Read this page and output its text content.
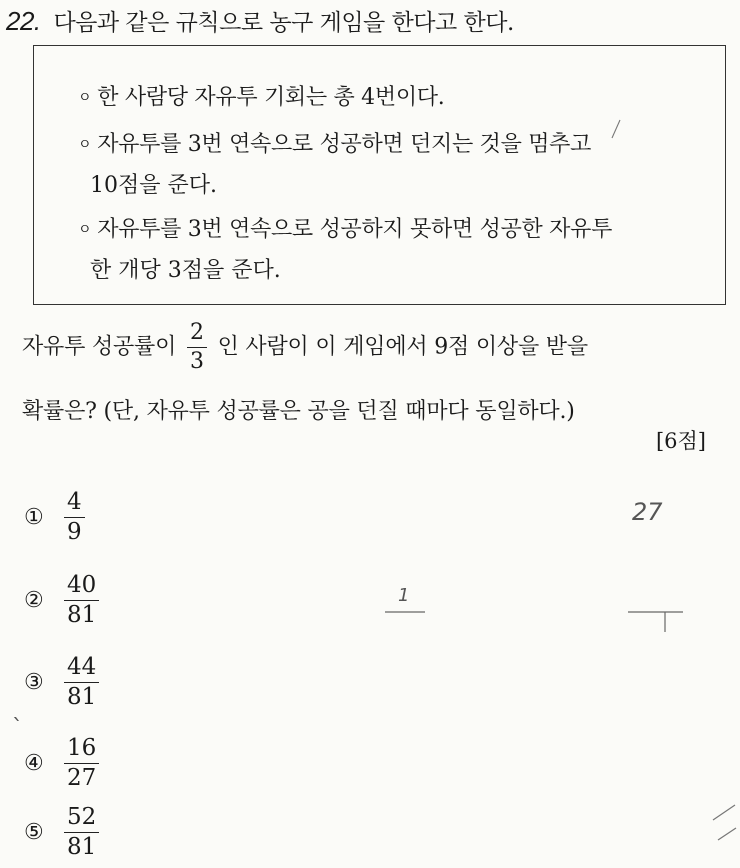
22. 다음과 같은 규칙으로 농구 게임을 한다고 한다.
ㅇ 한 사람당 자유투 기회는 총 4번이다.
ㅇ 자유투를 3번 연속으로 성공하면 던지는 것을 멈추고
10점을 준다.
ㅇ 자유투를 3번 연속으로 성공하지 못하면 성공한 자유투
한 개당 3점을 준다.
자유투 성공률이 $\frac{2}{3}$ 인 사람이 이 게임에서 9점 이상을 받을
확률은? (단, 자유투 성공률은 공을 던질 때마다 동일하다.)
[6점]
① $\frac{4}{9}$
② $\frac{40}{81}$
③ $\frac{44}{81}$
④ $\frac{16}{27}$
⑤ $\frac{52}{81}$
27
1
`
